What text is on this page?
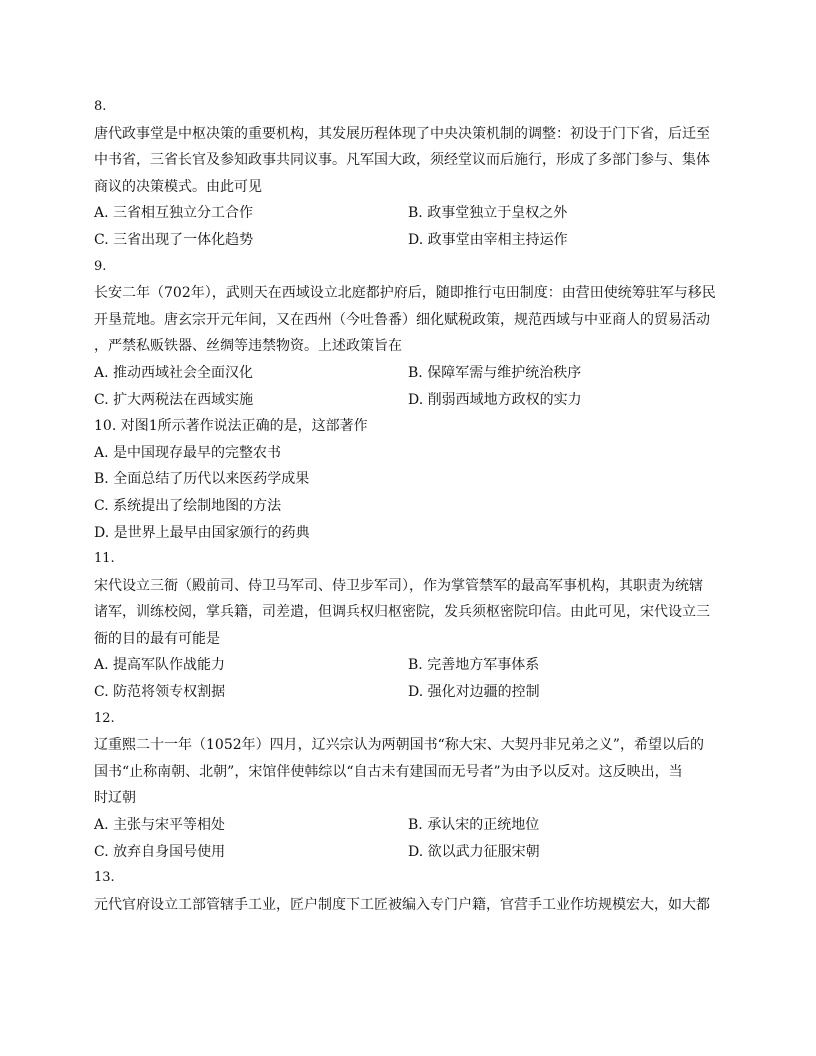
8.
唐代政事堂是中枢决策的重要机构，其发展历程体现了中央决策机制的调整：初设于门下省，后迁至
中书省，三省长官及参知政事共同议事。凡军国大政，须经堂议而后施行，形成了多部门参与、集体
商议的决策模式。由此可见
A. 三省相互独立分工合作	B. 政事堂独立于皇权之外
C. 三省出现了一体化趋势	D. 政事堂由宰相主持运作
9.
长安二年（702年），武则天在西域设立北庭都护府后，随即推行屯田制度：由营田使统筹驻军与移民
开垦荒地。唐玄宗开元年间，又在西州（今吐鲁番）细化赋税政策，规范西域与中亚商人的贸易活动
，严禁私贩铁器、丝绸等违禁物资。上述政策旨在
A. 推动西域社会全面汉化	B. 保障军需与维护统治秩序
C. 扩大两税法在西域实施	D. 削弱西域地方政权的实力
10. 对图1所示著作说法正确的是，这部著作
A. 是中国现存最早的完整农书
B. 全面总结了历代以来医药学成果
C. 系统提出了绘制地图的方法
D. 是世界上最早由国家颁行的药典
11.
宋代设立三衙（殿前司、侍卫马军司、侍卫步军司），作为掌管禁军的最高军事机构，其职责为统辖
诸军，训练校阅，掌兵籍，司差遣，但调兵权归枢密院，发兵须枢密院印信。由此可见，宋代设立三
衙的目的最有可能是
A. 提高军队作战能力	B. 完善地方军事体系
C. 防范将领专权割据	D. 强化对边疆的控制
12.
辽重熙二十一年（1052年）四月，辽兴宗认为两朝国书“称大宋、大契丹非兄弟之义”，希望以后的
国书“止称南朝、北朝”，宋馆伴使韩综以“自古未有建国而无号者”为由予以反对。这反映出，当
时辽朝
A. 主张与宋平等相处	B. 承认宋的正统地位
C. 放弃自身国号使用	D. 欲以武力征服宋朝
13.
元代官府设立工部管辖手工业，匠户制度下工匠被编入专门户籍，官营手工业作坊规模宏大，如大都
